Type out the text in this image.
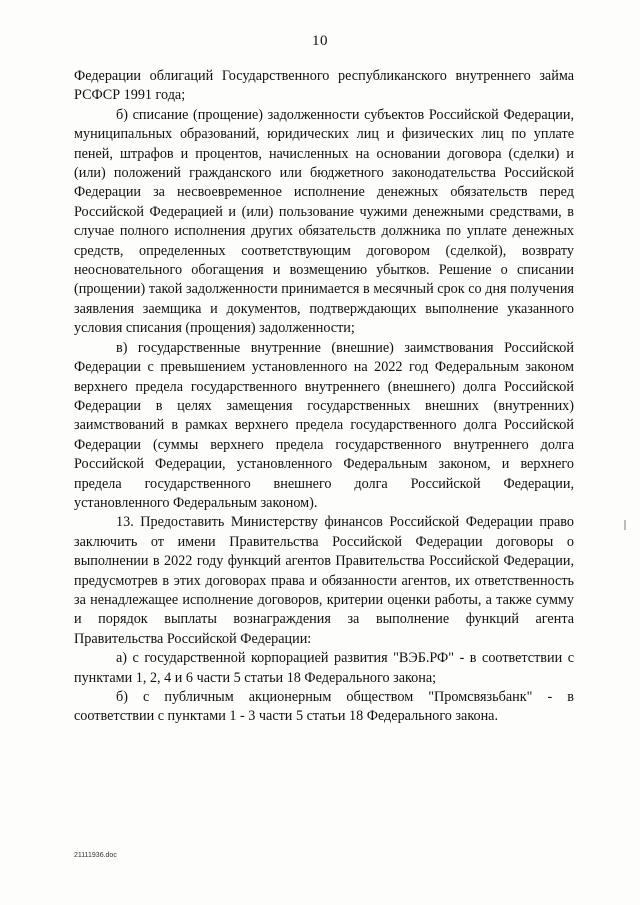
10

Федерации облигаций Государственного республиканского внутреннего займа РСФСР 1991 года;

б) списание (прощение) задолженности субъектов Российской Федерации, муниципальных образований, юридических лиц и физических лиц по уплате пеней, штрафов и процентов, начисленных на основании договора (сделки) и (или) положений гражданского или бюджетного законодательства Российской Федерации за несвоевременное исполнение денежных обязательств перед Российской Федерацией и (или) пользование чужими денежными средствами, в случае полного исполнения других обязательств должника по уплате денежных средств, определенных соответствующим договором (сделкой), возврату неосновательного обогащения и возмещению убытков. Решение о списании (прощении) такой задолженности принимается в месячный срок со дня получения заявления заемщика и документов, подтверждающих выполнение указанного условия списания (прощения) задолженности;

в) государственные внутренние (внешние) заимствования Российской Федерации с превышением установленного на 2022 год Федеральным законом верхнего предела государственного внутреннего (внешнего) долга Российской Федерации в целях замещения государственных внешних (внутренних) заимствований в рамках верхнего предела государственного долга Российской Федерации (суммы верхнего предела государственного внутреннего долга Российской Федерации, установленного Федеральным законом, и верхнего предела государственного внешнего долга Российской Федерации, установленного Федеральным законом).

13. Предоставить Министерству финансов Российской Федерации право заключить от имени Правительства Российской Федерации договоры о выполнении в 2022 году функций агентов Правительства Российской Федерации, предусмотрев в этих договорах права и обязанности агентов, их ответственность за ненадлежащее исполнение договоров, критерии оценки работы, а также сумму и порядок выплаты вознаграждения за выполнение функций агента Правительства Российской Федерации:

а) с государственной корпорацией развития "ВЭБ.РФ" - в соответствии с пунктами 1, 2, 4 и 6 части 5 статьи 18 Федерального закона;

б) с публичным акционерным обществом "Промсвязьбанк" - в соответствии с пунктами 1 - 3 части 5 статьи 18 Федерального закона.

21111936.doc
